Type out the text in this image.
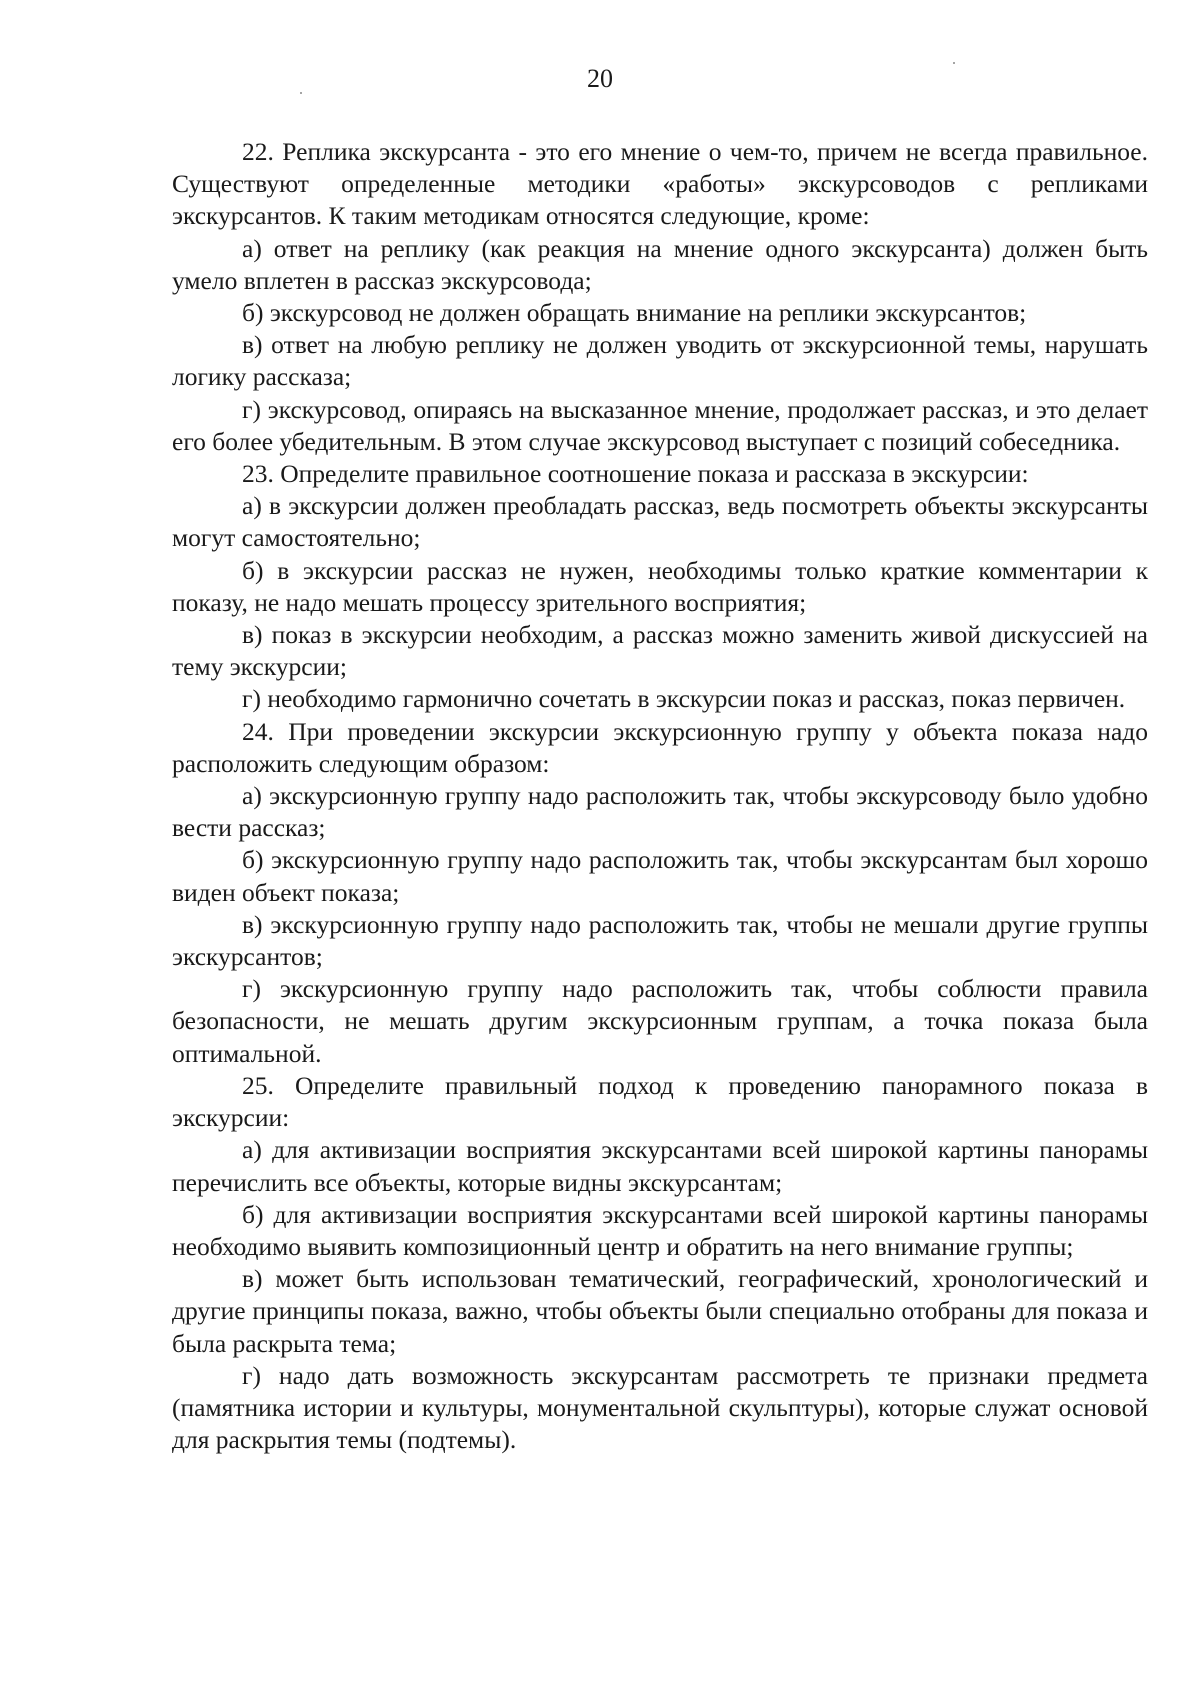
20

22. Реплика экскурсанта - это его мнение о чем-то, причем не всегда правильное. Существуют определенные методики «работы» экскурсоводов с репликами экскурсантов. К таким методикам относятся следующие, кроме:

а) ответ на реплику (как реакция на мнение одного экскурсанта) должен быть умело вплетен в рассказ экскурсовода;

б) экскурсовод не должен обращать внимание на реплики экскурсантов;

в) ответ на любую реплику не должен уводить от экскурсионной темы, нарушать логику рассказа;

г) экскурсовод, опираясь на высказанное мнение, продолжает рассказ, и это делает его более убедительным. В этом случае экскурсовод выступает с позиций собеседника.

23. Определите правильное соотношение показа и рассказа в экскурсии:

а) в экскурсии должен преобладать рассказ, ведь посмотреть объекты экскурсанты могут самостоятельно;

б) в экскурсии рассказ не нужен, необходимы только краткие комментарии к показу, не надо мешать процессу зрительного восприятия;

в) показ в экскурсии необходим, а рассказ можно заменить живой дискуссией на тему экскурсии;

г) необходимо гармонично сочетать в экскурсии показ и рассказ, показ первичен.

24. При проведении экскурсии экскурсионную группу у объекта показа надо расположить следующим образом:

а) экскурсионную группу надо расположить так, чтобы экскурсоводу было удобно вести рассказ;

б) экскурсионную группу надо расположить так, чтобы экскурсантам был хорошо виден объект показа;

в) экскурсионную группу надо расположить так, чтобы не мешали другие группы экскурсантов;

г) экскурсионную группу надо расположить так, чтобы соблюсти правила безопасности, не мешать другим экскурсионным группам, а точка показа была оптимальной.

25. Определите правильный подход к проведению панорамного показа в экскурсии:

а) для активизации восприятия экскурсантами всей широкой картины панорамы перечислить все объекты, которые видны экскурсантам;

б) для активизации восприятия экскурсантами всей широкой картины панорамы необходимо выявить композиционный центр и обратить на него внимание группы;

в) может быть использован тематический, географический, хронологический и другие принципы показа, важно, чтобы объекты были специально отобраны для показа и была раскрыта тема;

г) надо дать возможность экскурсантам рассмотреть те признаки предмета (памятника истории и культуры, монументальной скульптуры), которые служат основой для раскрытия темы (подтемы).
